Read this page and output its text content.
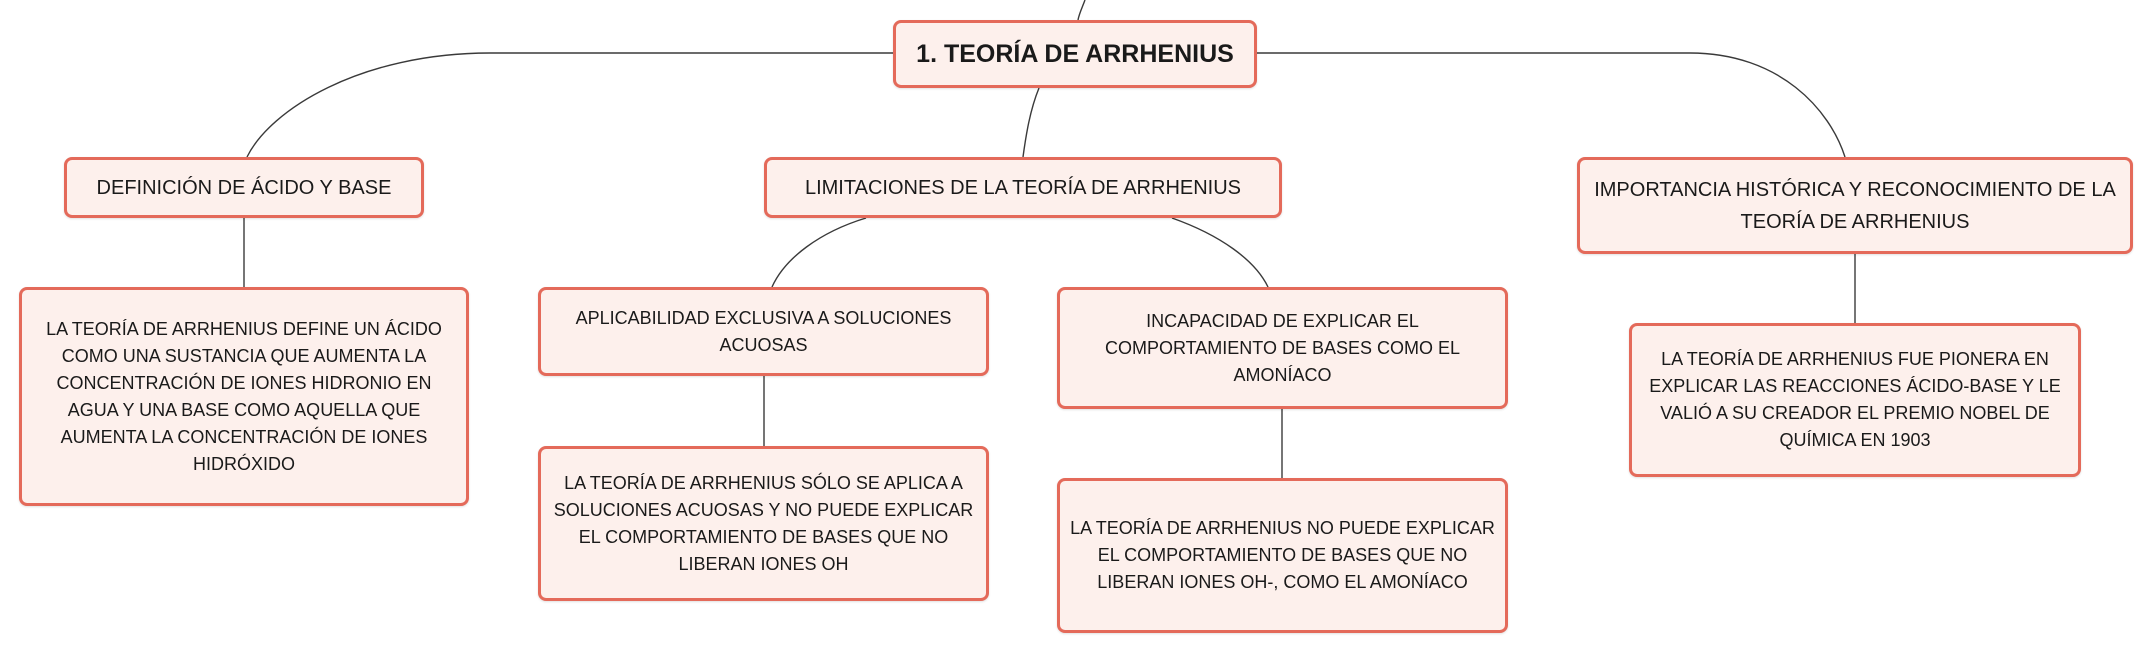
1. TEORÍA DE ARRHENIUS
DEFINICIÓN DE ÁCIDO Y BASE	LIMITACIONES DE LA TEORÍA DE ARRHENIUS	IMPORTANCIA HISTÓRICA Y RECONOCIMIENTO DE LA TEORÍA DE ARRHENIUS
LA TEORÍA DE ARRHENIUS DEFINE UN ÁCIDO COMO UNA SUSTANCIA QUE AUMENTA LA CONCENTRACIÓN DE IONES HIDRONIO EN AGUA Y UNA BASE COMO AQUELLA QUE AUMENTA LA CONCENTRACIÓN DE IONES HIDRÓXIDO
APLICABILIDAD EXCLUSIVA A SOLUCIONES ACUOSAS
INCAPACIDAD DE EXPLICAR EL COMPORTAMIENTO DE BASES COMO EL AMONÍACO
LA TEORÍA DE ARRHENIUS FUE PIONERA EN EXPLICAR LAS REACCIONES ÁCIDO-BASE Y LE VALIÓ A SU CREADOR EL PREMIO NOBEL DE QUÍMICA EN 1903
LA TEORÍA DE ARRHENIUS SÓLO SE APLICA A SOLUCIONES ACUOSAS Y NO PUEDE EXPLICAR EL COMPORTAMIENTO DE BASES QUE NO LIBERAN IONES OH
LA TEORÍA DE ARRHENIUS NO PUEDE EXPLICAR EL COMPORTAMIENTO DE BASES QUE NO LIBERAN IONES OH-, COMO EL AMONÍACO
